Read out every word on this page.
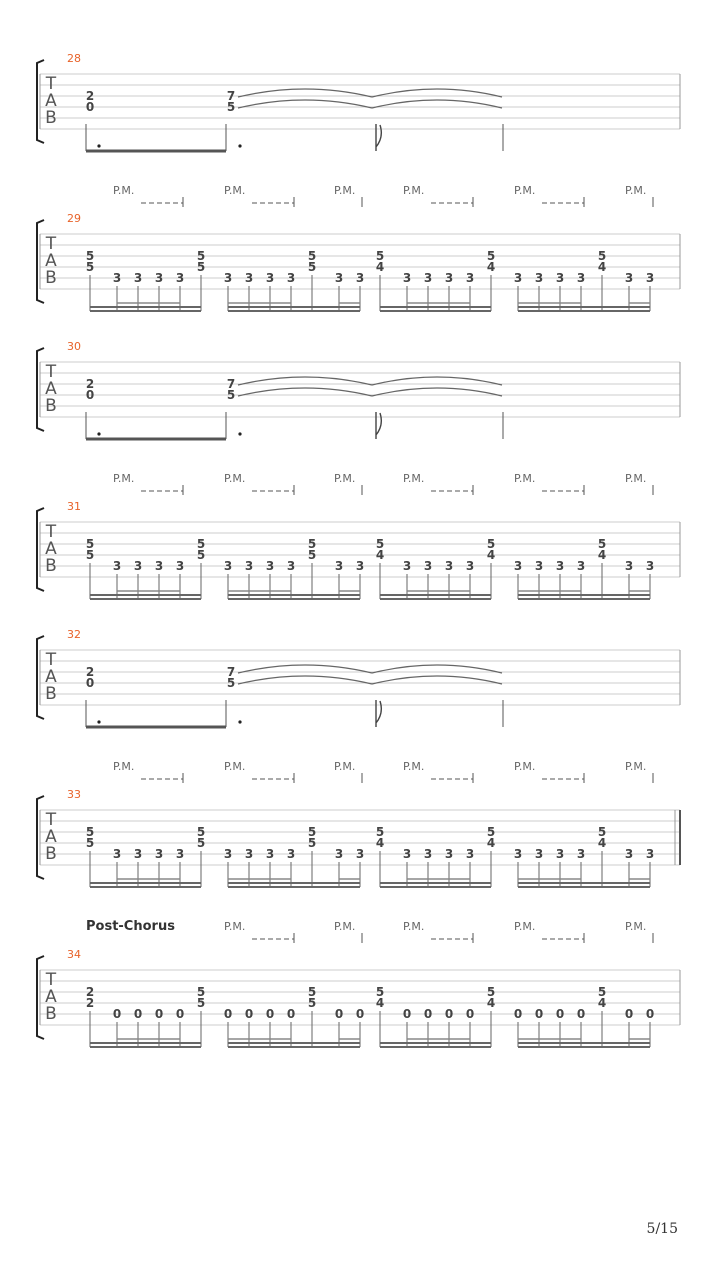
T
A
B
28
2
0
7
5
T
A
B
29
P.M.	P.M.	P.M.	P.M.	P.M.	P.M.
5
5
3 3 3 3
5
5
3 3 3 3
5
5
3 3
5
4
3 3 3 3
5
4
3 3 3 3
5
4
3 3
T
A
B
30
2
0
7
5
T
A
B
31
P.M.	P.M.	P.M.	P.M.	P.M.	P.M.
5
5
3 3 3 3
5
5
3 3 3 3
5
5
3 3
5
4
3 3 3 3
5
4
3 3 3 3
5
4
3 3
T
A
B
32
2
0
7
5
T
A
B
33
P.M.	P.M.	P.M.	P.M.	P.M.	P.M.
5
5
3 3 3 3
5
5
3 3 3 3
5
5
3 3
5
4
3 3 3 3
5
4
3 3 3 3
5
4
3 3
T
A
B
34
P.M.	P.M.	P.M.	P.M.	P.M.
Post-Chorus
2
2
0 0 0 0
5
5
0 0 0 0
5
5
0 0
5
4
0 0 0 0
5
4
0 0 0 0
5
4
0 0
5/15
